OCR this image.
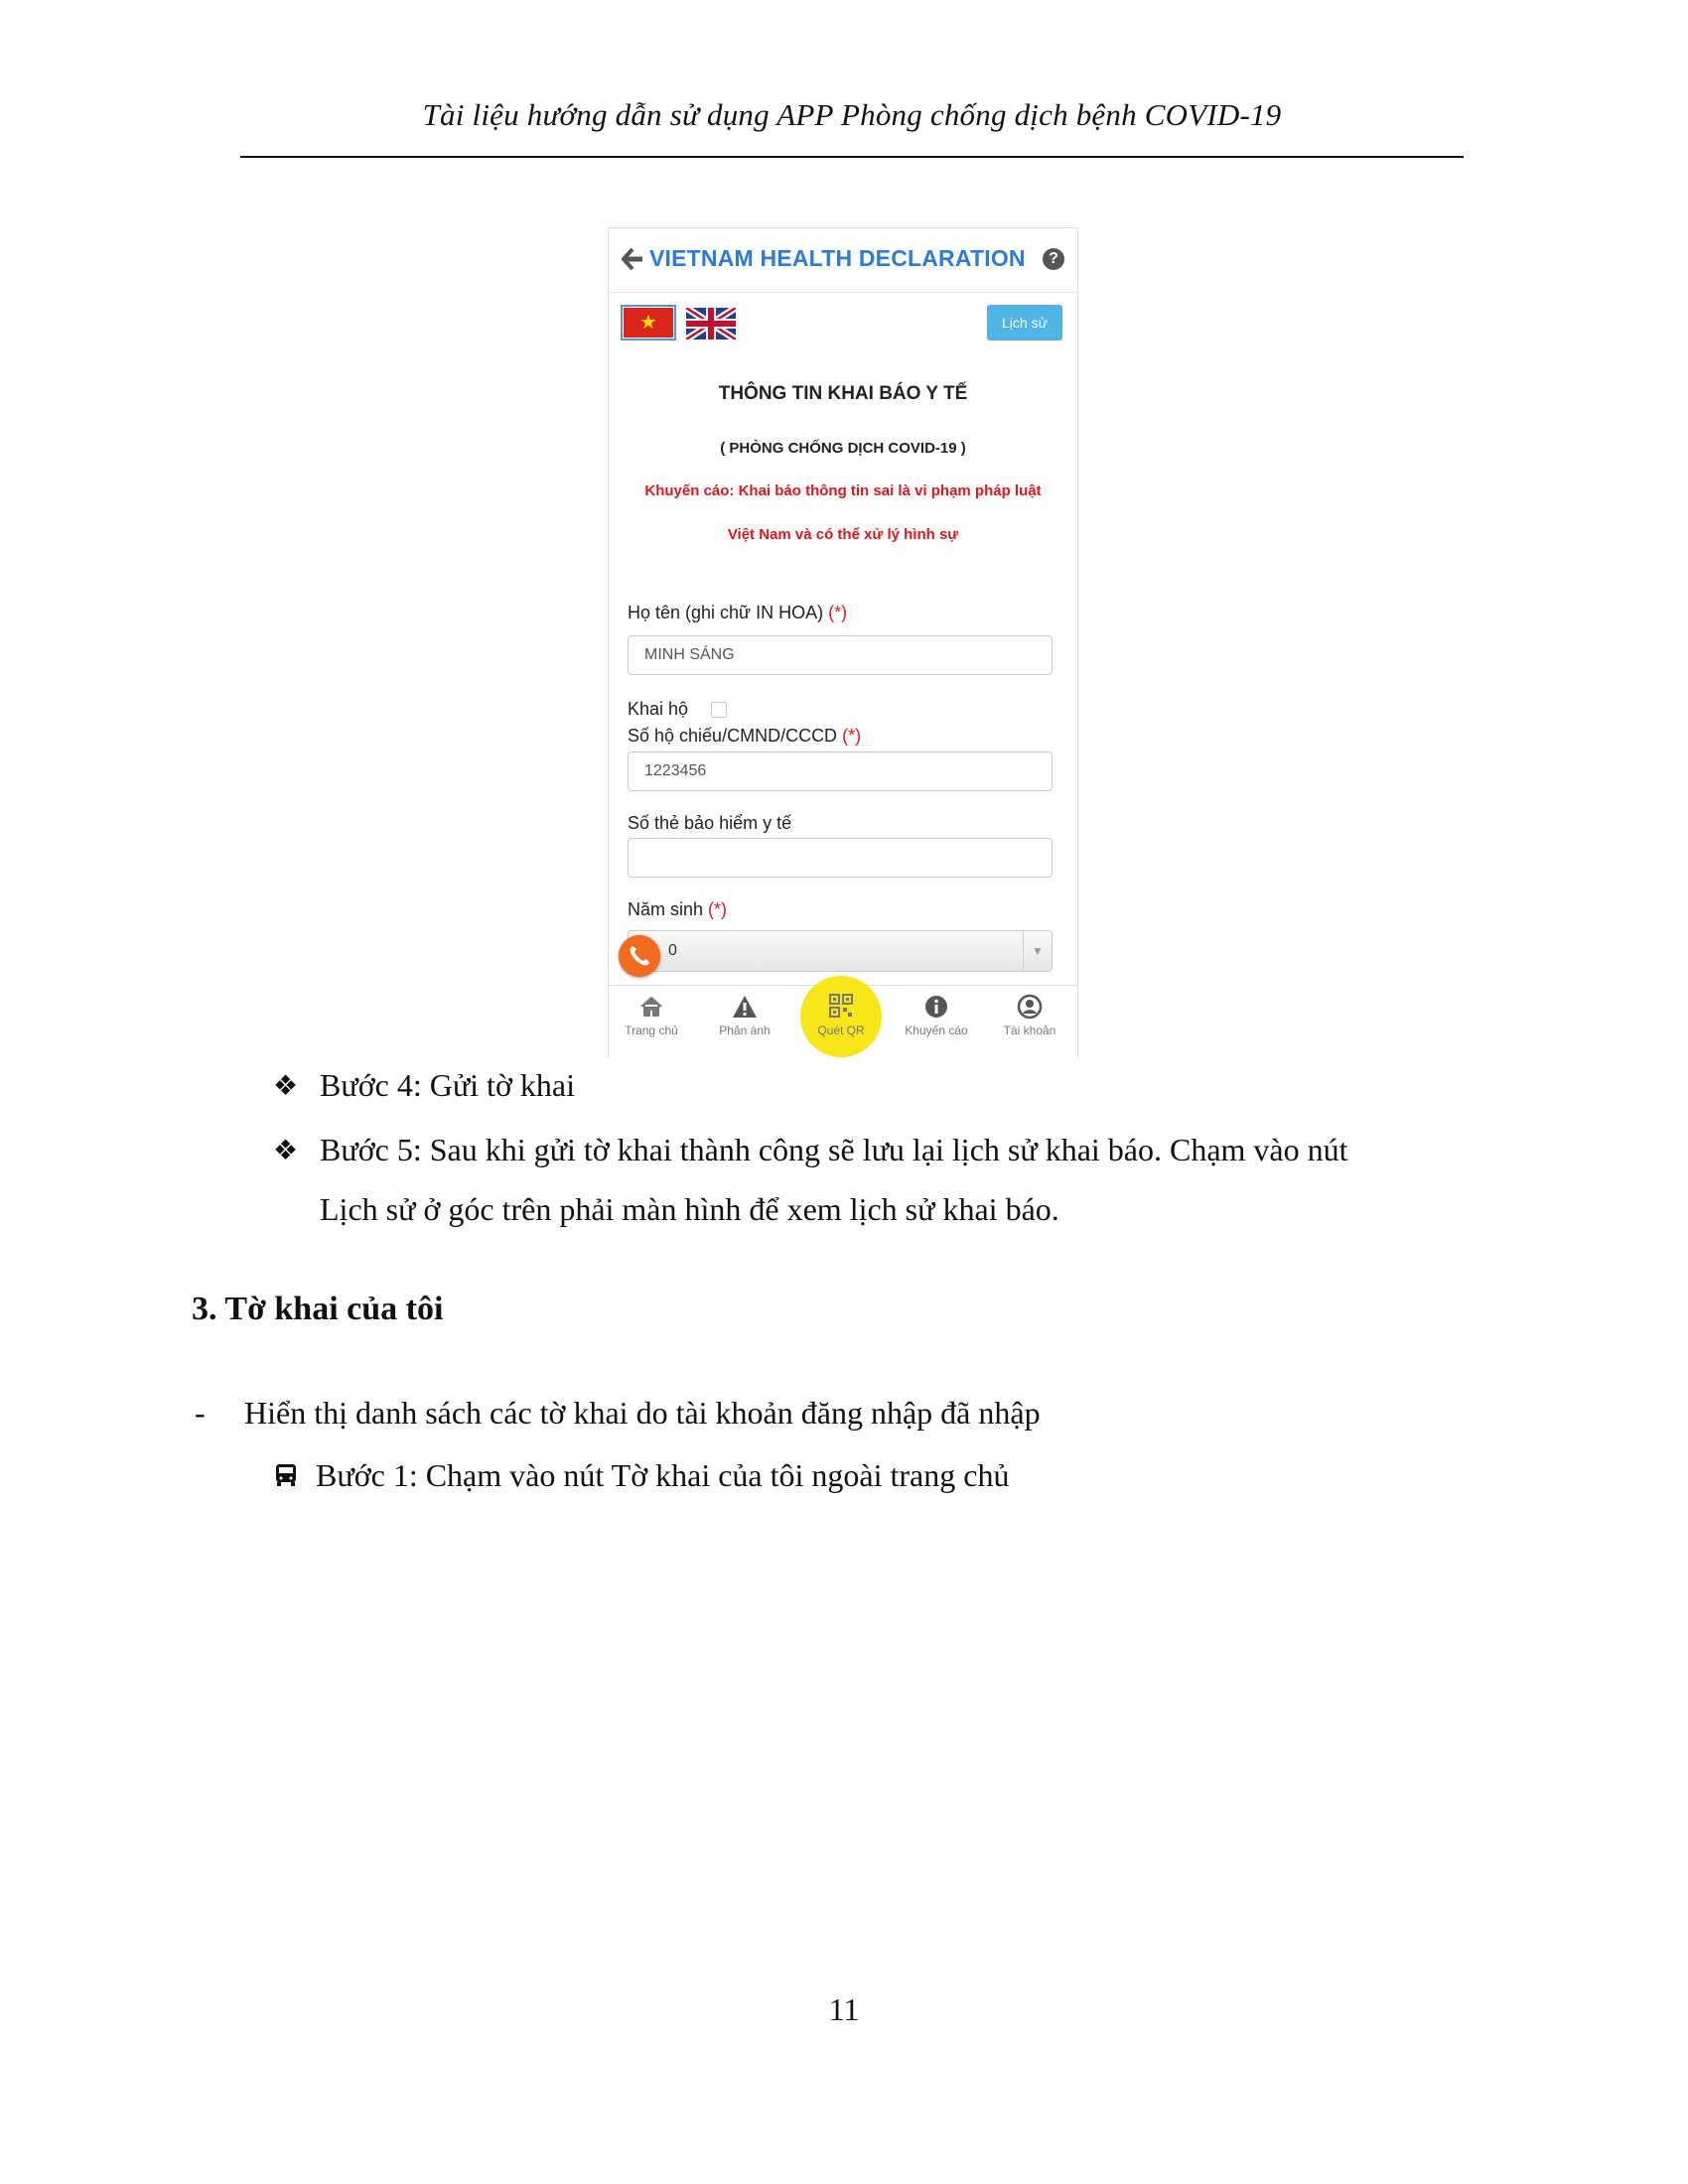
Tài liệu hướng dẫn sử dụng APP Phòng chống dịch bệnh COVID-19
VIETNAM HEALTH DECLARATION	?
★	Lịch sử
THÔNG TIN KHAI BÁO Y TẾ
( PHÒNG CHỐNG DỊCH COVID-19 )
Khuyến cáo: Khai báo thông tin sai là vi phạm pháp luật
Việt Nam và có thể xử lý hình sự
Họ tên (ghi chữ IN HOA) (*)
MINH SÁNG
Khai hộ
Số hộ chiếu/CMND/CCCD (*)
1223456
Số thẻ bảo hiểm y tế
Năm sinh (*)
0	▼
Trang chủ	Phản ánh	Quét QR	Khuyến cáo	Tài khoản
❖ Bước 4: Gửi tờ khai
❖ Bước 5: Sau khi gửi tờ khai thành công sẽ lưu lại lịch sử khai báo. Chạm vào nút
Lịch sử ở góc trên phải màn hình để xem lịch sử khai báo.
3. Tờ khai của tôi
- Hiển thị danh sách các tờ khai do tài khoản đăng nhập đã nhập
Bước 1: Chạm vào nút Tờ khai của tôi ngoài trang chủ
11
